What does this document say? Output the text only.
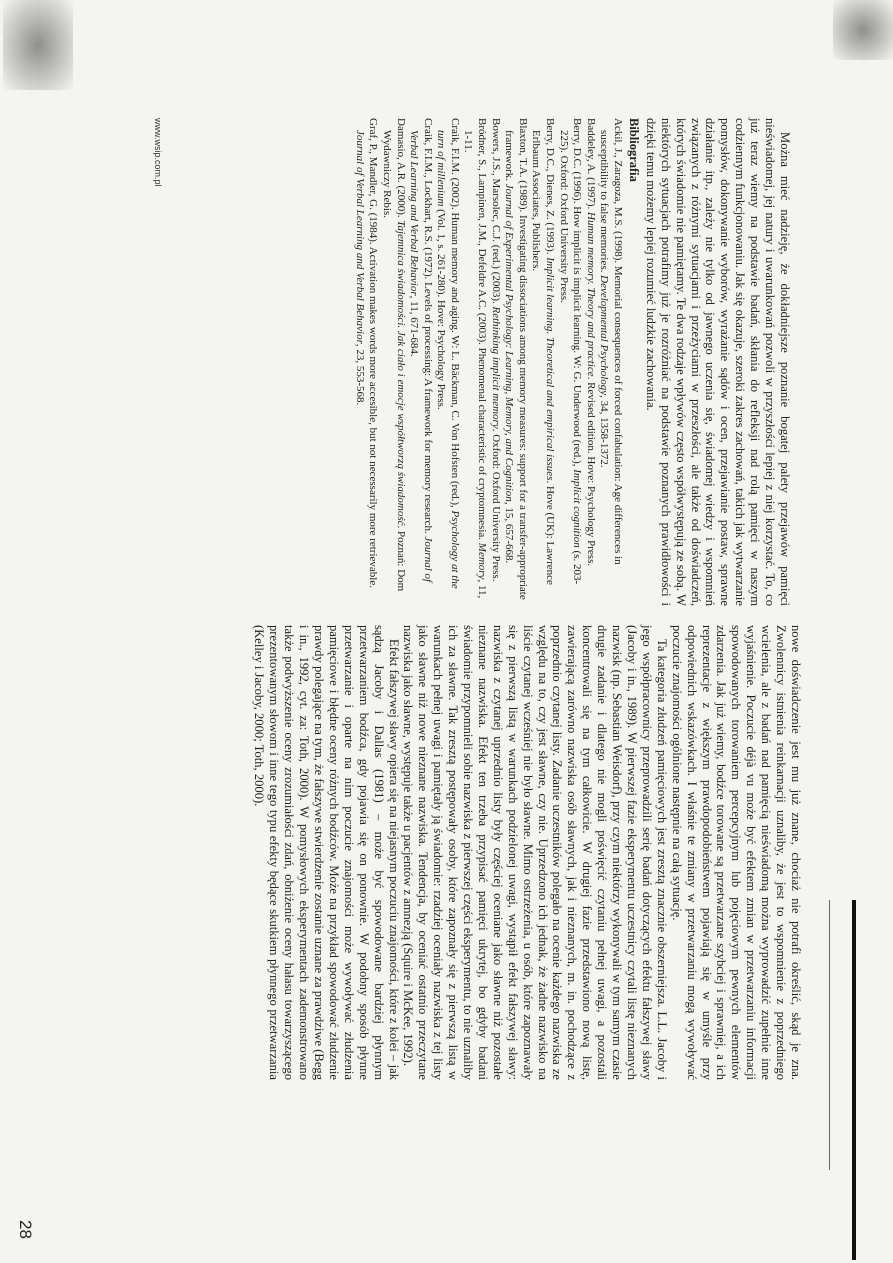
nowe doświadczenie jest mu już znane, chociaż nie potrafi określić, skąd je zna. Zwolennicy istnienia reinkarnacji uznaliby, że jest to wspomnienie z poprzedniego wcielenia, ale z badań nad pamięcią nieświadomą można wyprowadzić zupełnie inne wyjaśnienie. Poczucie déjà vu może być efektem zmian w przetwarzaniu informacji spowodowanych torowaniem percepcyjnym lub pojęciowym pewnych elementów zdarzenia. Jak już wiemy, bodźce torowane są przetwarzane szybciej i sprawniej, a ich reprezentacje z większym prawdopodobieństwem pojawiają się w umyśle przy odpowiednich wskazówkach. I właśnie te zmiany w przetwarzaniu mogą wywoływać poczucie znajomości ogólnione następnie na całą sytuację.

Ta kategoria złudzeń pamięciowych jest zresztą znacznie obszerniejsza. L.L. Jacoby i jego współpracownicy przeprowadzili serię badań dotyczących efektu fałszywej sławy (Jacoby i in., 1989). W pierwszej fazie eksperymentu uczestnicy czytali listę nieznanych nazwisk (np. Sebastian Weisdorf), przy czym niektórzy wykonywali w tym samym czasie drugie zadanie i dlatego nie mogli poświęcić czytaniu pełnej uwagi, a pozostali koncentrowali się na tym całkowicie. W drugiej fazie przedstawiono nową listę, zawierającą zarówno nazwiska osób sławnych, jak i nieznanych, m. in. pochodzące z poprzednio czytanej listy. Zadanie uczestników polegało na ocenie każdego nazwiska ze względu na to, czy jest sławne, czy nie. Uprzedzono ich jednak, że żadne nazwisko na liście czytanej wcześniej nie było sławne. Mimo ostrzeżenia, u osób, które zapoznawały się z pierwszą listą w warunkach podzielonej uwagi, wystąpił efekt fałszywej sławy: nazwiska z czytanej uprzednio listy były częściej oceniane jako sławne niż pozostałe nieznane nazwiska. Efekt ten trzeba przypisać pamięci ukrytej, bo gdyby badani świadomie przypomnieli sobie nazwiska z pierwszej części eksperymentu, to nie uznaliby ich za sławne. Tak zresztą postępowały osoby, które zapoznały się z pierwszą listą w warunkach pełnej uwagi i pamiętały ją świadomie: rzadziej oceniały nazwiska z tej listy jako sławne niż nowe nieznane nazwiska. Tendencja, by oceniać ostatnio przeczytane nazwiska jako sławne, występuje także u pacjentów z amnezją (Squire i McKee, 1992).

Efekt fałszywej sławy opiera się na niejasnym poczuciu znajomości, które z kolei – jak sądzą Jacoby i Dallas (1981) – może być spowodowane bardziej płynnym przetwarzaniem bodźca, gdy pojawia się on ponownie. W podobny sposób płynne przetwarzanie i oparte na nim poczucie znajomości może wywoływać złudzenia pamięciowe i błędne oceny różnych bodźców. Może na przykład spowodować złudzenie prawdy polegające na tym, że fałszywe stwierdzenie zostanie uznane za prawdziwe (Begg i in., 1992, cyt. za: Toth, 2000). W pomysłowych eksperymentach zademonstrowano także podwyższenie oceny zrozumiałości zdań, obniżenie oceny hałasu towarzyszącego prezentowanym słowom i inne tego typu efekty będące skutkiem płynnego przetwarzania (Kelley i Jacoby, 2000; Toth, 2000).

Można mieć nadzieję, że dokładniejsze poznanie bogatej palety przejawów pamięci nieświadomej, jej natury i uwarunkowań pozwoli w przyszłości lepiej z niej korzystać. To, co już teraz wiemy na podstawie badań, skłania do refleksji nad rolą pamięci w naszym codziennym funkcjonowaniu. Jak się okazuje, szeroki zakres zachowań, takich jak wytwarzanie pomysłów, dokonywanie wyborów, wyrażanie sądów i ocen, przejawianie postaw, sprawne działanie itp., zależy nie tylko od jawnego uczenia się, świadomej wiedzy i wspomnień związanych z różnymi sytuacjami i przeżyciami w przeszłości, ale także od doświadczeń, których świadomie nie pamiętamy. Te dwa rodzaje wpływów często współwystępują ze sobą. W niektórych sytuacjach potrafimy już je rozróżniać na podstawie poznanych prawidłowości i dzięki temu możemy lepiej rozumieć ludzkie zachowania.

Bibliografia
Ackil, J., Zaragoza, M.S. (1998). Memorial consequences of forced confabulation: Age differences in susceptibility to false memories. Developmental Psychology, 34, 1358-1372.
Baddeley, A. (1997). Human memory. Theory and practice. Revised edition. Hove: Psychology Press.
Berry, D.C. (1996). How implicit is implicit learning. W: G. Underwood (red.), Implicit cognition (s. 203-225). Oxford: Oxford University Press.
Berry, D.C., Dienes, Z. (1993). Implicit learning. Theoretical and empirical issues. Hove (UK): Lawrence Erlbaum Associates, Publishers.
Blaxton, T.A. (1989). Investigating dissociations among memory measures: support for a transfer-appropriate framework. Journal of Experimental Psychology: Learning, Memory, and Cognition, 15, 657-668.
Bowers, J.S., Marsolec, C.J. (red.) (2003). Rethinking implicit memory. Oxford: Oxford University Press.
Bródner, S., Lampinen, J.M., Defeldre A.C. (2003). Phenomenal characteristic of cryptomnesia. Memory, 11, 1-11.
Craik, F.I.M. (2002). Human memory and aging. W: L. Bäckman, C. Von Hofsten (red.), Psychology at the turn of millenium (Vol. 1, s. 261-280). Hove: Psychology Press.
Craik, F.I.M., Lockhart, R.S. (1972). Levels of processing: A framework for memory research. Journal of Verbal Learning and Verbal Behavior, 11, 671-684.
Damasio, A.R. (2000). Tajemnica świadomości. Jak ciało i emocje współtworzą świadomość. Poznań: Dom Wydawniczy Rebis.
Graf, P., Mandler, G. (1984). Activation makes words more accesible, but not necessarily more retrievable. Journal of Verbal Learning and Verbal Behavior, 23, 553-568.
28
www.wsip.com.pl
